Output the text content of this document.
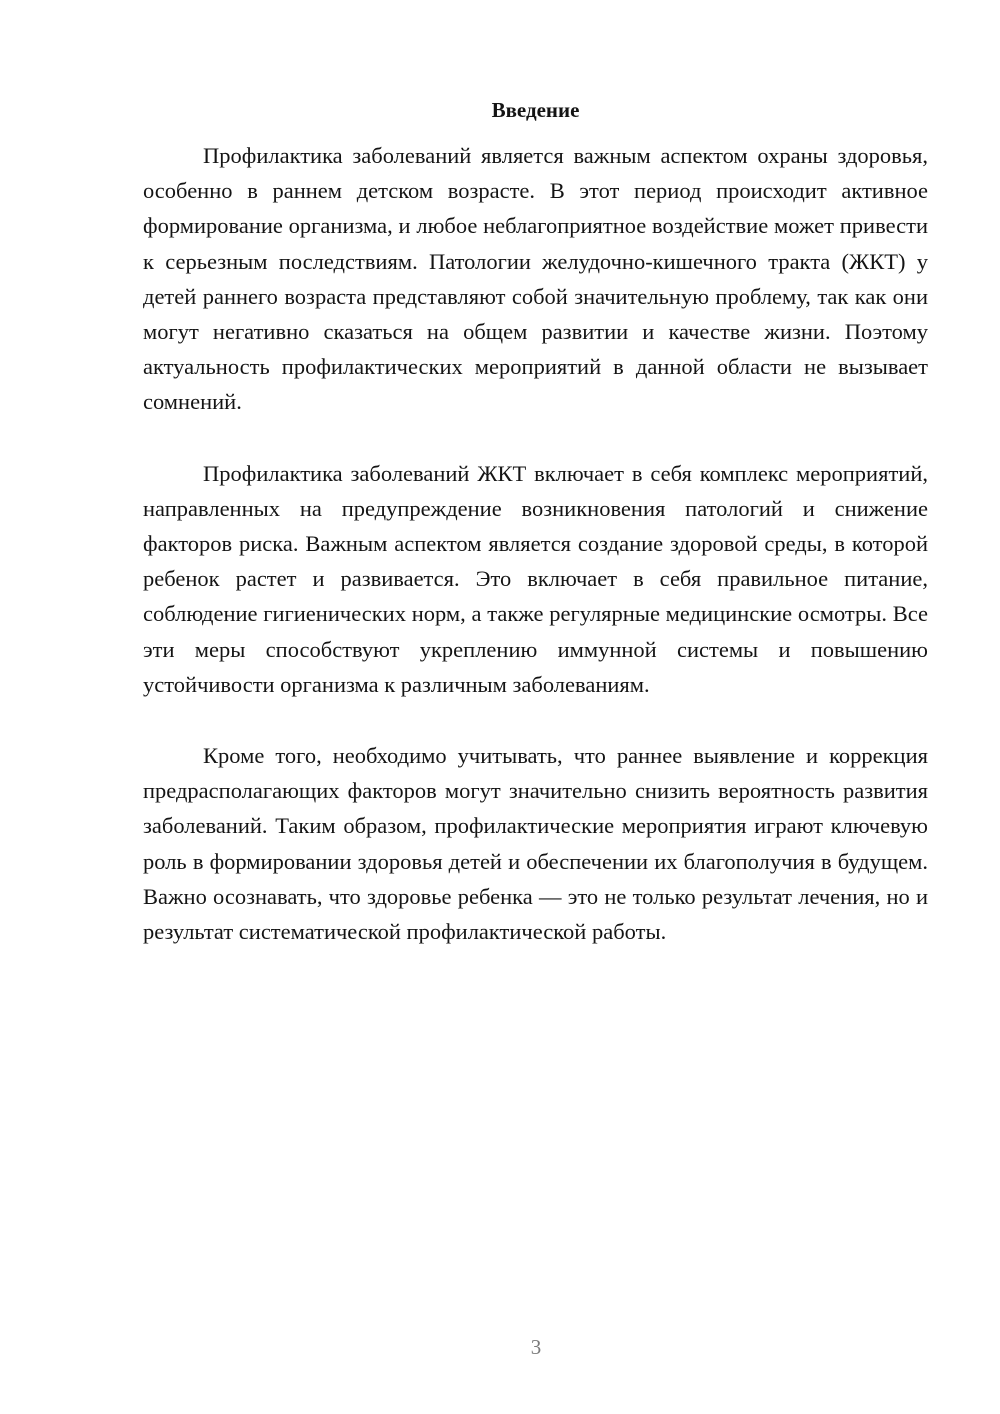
Введение

Профилактика заболеваний является важным аспектом охраны здоровья, особенно в раннем детском возрасте. В этот период происходит активное формирование организма, и любое неблагоприятное воздействие может привести к серьезным последствиям. Патологии желудочно-кишечного тракта (ЖКТ) у детей раннего возраста представляют собой значительную проблему, так как они могут негативно сказаться на общем развитии и качестве жизни. Поэтому актуальность профилактических мероприятий в данной области не вызывает сомнений.

Профилактика заболеваний ЖКТ включает в себя комплекс мероприятий, направленных на предупреждение возникновения патологий и снижение факторов риска. Важным аспектом является создание здоровой среды, в которой ребенок растет и развивается. Это включает в себя правильное питание, соблюдение гигиенических норм, а также регулярные медицинские осмотры. Все эти меры способствуют укреплению иммунной системы и повышению устойчивости организма к различным заболеваниям.

Кроме того, необходимо учитывать, что раннее выявление и коррекция предрасполагающих факторов могут значительно снизить вероятность развития заболеваний. Таким образом, профилактические мероприятия играют ключевую роль в формировании здоровья детей и обеспечении их благополучия в будущем. Важно осознавать, что здоровье ребенка — это не только результат лечения, но и результат систематической профилактической работы.

3
